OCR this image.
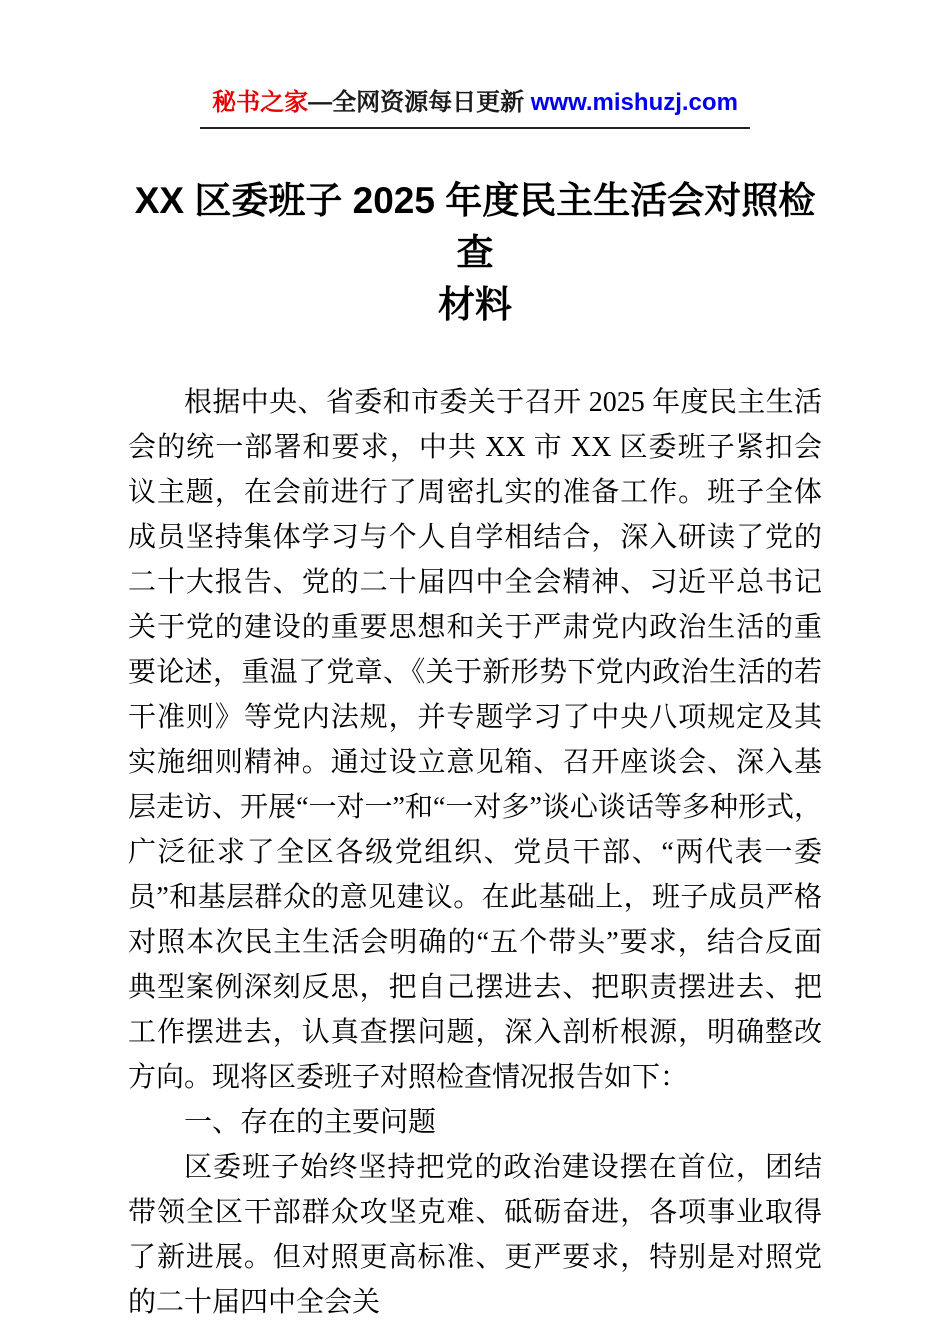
秘书之家—全网资源每日更新 www.mishuzj.com
XX 区委班子 2025 年度民主生活会对照检查
材料

根据中央、省委和市委关于召开 2025 年度民主生活会的统一部署和要求，中共 XX 市 XX 区委班子紧扣会议主题，在会前进行了周密扎实的准备工作。班子全体成员坚持集体学习与个人自学相结合，深入研读了党的二十大报告、党的二十届四中全会精神、习近平总书记关于党的建设的重要思想和关于严肃党内政治生活的重要论述，重温了党章、《关于新形势下党内政治生活的若干准则》等党内法规，并专题学习了中央八项规定及其实施细则精神。通过设立意见箱、召开座谈会、深入基层走访、开展“一对一”和“一对多”谈心谈话等多种形式，广泛征求了全区各级党组织、党员干部、“两代表一委员”和基层群众的意见建议。在此基础上，班子成员严格对照本次民主生活会明确的“五个带头”要求，结合反面典型案例深刻反思，把自己摆进去、把职责摆进去、把工作摆进去，认真查摆问题，深入剖析根源，明确整改方向。现将区委班子对照检查情况报告如下：

一、存在的主要问题

区委班子始终坚持把党的政治建设摆在首位，团结带领全区干部群众攻坚克难、砥砺奋进，各项事业取得了新进展。但对照更高标准、更严要求，特别是对照党的二十届四中全会关
